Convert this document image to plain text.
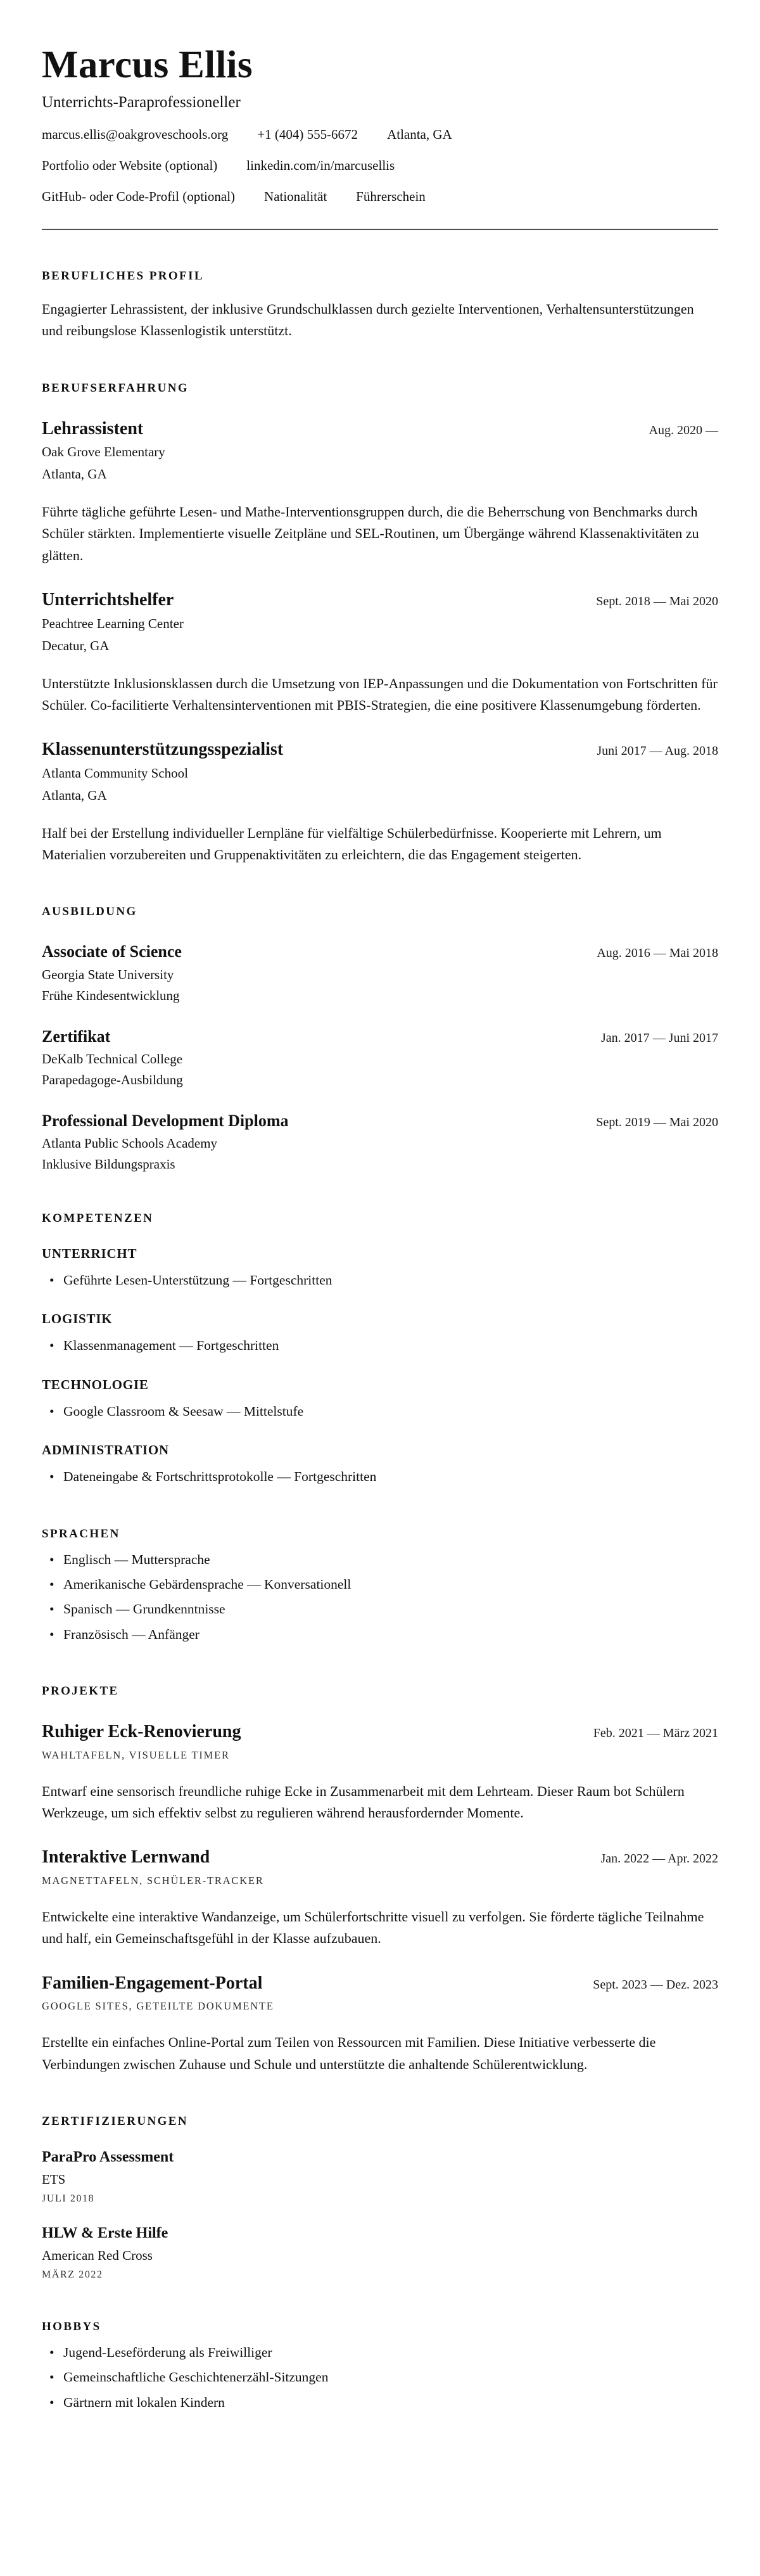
Marcus Ellis
Unterrichts-Paraprofessioneller
marcus.ellis@oakgroveschools.org +1 (404) 555-6672 Atlanta, GA
Portfolio oder Website (optional) linkedin.com/in/marcusellis
GitHub- oder Code-Profil (optional) Nationalität Führerschein
BERUFLICHES PROFIL

Engagierter Lehrassistent, der inklusive Grundschulklassen durch gezielte Interventionen, Verhaltensunterstützungen und reibungslose Klassenlogistik unterstützt.

BERUFSERFAHRUNG
Lehrassistent	Aug. 2020 —
Oak Grove Elementary
Atlanta, GA

Führte tägliche geführte Lesen- und Mathe-Interventionsgruppen durch, die die Beherrschung von Benchmarks durch Schüler stärkten. Implementierte visuelle Zeitpläne und SEL-Routinen, um Übergänge während Klassenaktivitäten zu glätten.

Unterrichtshelfer	Sept. 2018 — Mai 2020
Peachtree Learning Center
Decatur, GA

Unterstützte Inklusionsklassen durch die Umsetzung von IEP-Anpassungen und die Dokumentation von Fortschritten für Schüler. Co-facilitierte Verhaltensinterventionen mit PBIS-Strategien, die eine positivere Klassenumgebung förderten.

Klassenunterstützungsspezialist	Juni 2017 — Aug. 2018
Atlanta Community School
Atlanta, GA

Half bei der Erstellung individueller Lernpläne für vielfältige Schülerbedürfnisse. Kooperierte mit Lehrern, um Materialien vorzubereiten und Gruppenaktivitäten zu erleichtern, die das Engagement steigerten.

AUSBILDUNG
Associate of Science	Aug. 2016 — Mai 2018
Georgia State University
Frühe Kindesentwicklung
Zertifikat	Jan. 2017 — Juni 2017
DeKalb Technical College
Parapedagoge-Ausbildung
Professional Development Diploma	Sept. 2019 — Mai 2020
Atlanta Public Schools Academy
Inklusive Bildungspraxis
KOMPETENZEN
UNTERRICHT
• Geführte Lesen-Unterstützung — Fortgeschritten
LOGISTIK
• Klassenmanagement — Fortgeschritten
TECHNOLOGIE
• Google Classroom & Seesaw — Mittelstufe
ADMINISTRATION
• Dateneingabe & Fortschrittsprotokolle — Fortgeschritten
SPRACHEN
• Englisch — Muttersprache
• Amerikanische Gebärdensprache — Konversationell
• Spanisch — Grundkenntnisse
• Französisch — Anfänger
PROJEKTE
Ruhiger Eck-Renovierung	Feb. 2021 — März 2021
WAHLTAFELN, VISUELLE TIMER

Entwarf eine sensorisch freundliche ruhige Ecke in Zusammenarbeit mit dem Lehrteam. Dieser Raum bot Schülern Werkzeuge, um sich effektiv selbst zu regulieren während herausfordernder Momente.

Interaktive Lernwand	Jan. 2022 — Apr. 2022
MAGNETTAFELN, SCHÜLER-TRACKER

Entwickelte eine interaktive Wandanzeige, um Schülerfortschritte visuell zu verfolgen. Sie förderte tägliche Teilnahme und half, ein Gemeinschaftsgefühl in der Klasse aufzubauen.

Familien-Engagement-Portal	Sept. 2023 — Dez. 2023
GOOGLE SITES, GETEILTE DOKUMENTE

Erstellte ein einfaches Online-Portal zum Teilen von Ressourcen mit Familien. Diese Initiative verbesserte die Verbindungen zwischen Zuhause und Schule und unterstützte die anhaltende Schülerentwicklung.

ZERTIFIZIERUNGEN
ParaPro Assessment
ETS
JULI 2018
HLW & Erste Hilfe
American Red Cross
MÄRZ 2022
HOBBYS
• Jugend-Leseförderung als Freiwilliger
• Gemeinschaftliche Geschichtenerzähl-Sitzungen
• Gärtnern mit lokalen Kindern
